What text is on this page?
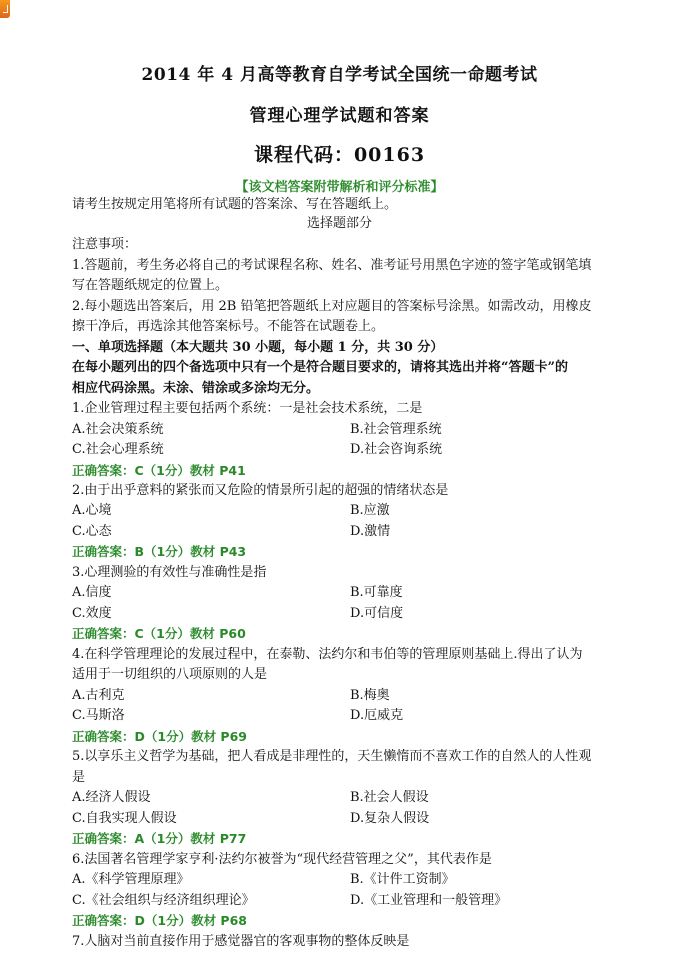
2014 年 4 月高等教育自学考试全国统一命题考试
管理心理学试题和答案
课程代码：00163
【该文档答案附带解析和评分标准】
请考生按规定用笔将所有试题的答案涂、写在答题纸上。
选择题部分
注意事项：
1.答题前，考生务必将自己的考试课程名称、姓名、准考证号用黑色字迹的签字笔或钢笔填
写在答题纸规定的位置上。
2.每小题选出答案后，用 2B 铅笔把答题纸上对应题目的答案标号涂黑。如需改动，用橡皮
擦干净后，再选涂其他答案标号。不能答在试题卷上。
一、单项选择题（本大题共 30 小题，每小题 1 分，共 30 分）
在每小题列出的四个备选项中只有一个是符合题目要求的，请将其选出并将“答题卡”的
相应代码涂黑。未涂、错涂或多涂均无分。
1.企业管理过程主要包括两个系统：一是社会技术系统，二是
A.社会决策系统	B.社会管理系统
C.社会心理系统	D.社会咨询系统
正确答案：C（1分）教材 P41
2.由于出乎意料的紧张而又危险的情景所引起的超强的情绪状态是
A.心境	B.应激
C.心态	D.激情
正确答案：B（1分）教材 P43
3.心理测验的有效性与准确性是指
A.信度	B.可靠度
C.效度	D.可信度
正确答案：C（1分）教材 P60
4.在科学管理理论的发展过程中，在泰勒、法约尔和韦伯等的管理原则基础上.得出了认为
适用于一切组织的八项原则的人是
A.古利克	B.梅奥
C.马斯洛	D.厄威克
正确答案：D（1分）教材 P69
5.以享乐主义哲学为基础，把人看成是非理性的，天生懒惰而不喜欢工作的自然人的人性观
是
A.经济人假设	B.社会人假设
C.自我实现人假设	D.复杂人假设
正确答案：A（1分）教材 P77
6.法国著名管理学家亨利·法约尔被誉为“现代经营管理之父”，其代表作是
A.《科学管理原理》	B.《计件工资制》
C.《社会组织与经济组织理论》	D.《工业管理和一般管理》
正确答案：D（1分）教材 P68
7.人脑对当前直接作用于感觉器官的客观事物的整体反映是
